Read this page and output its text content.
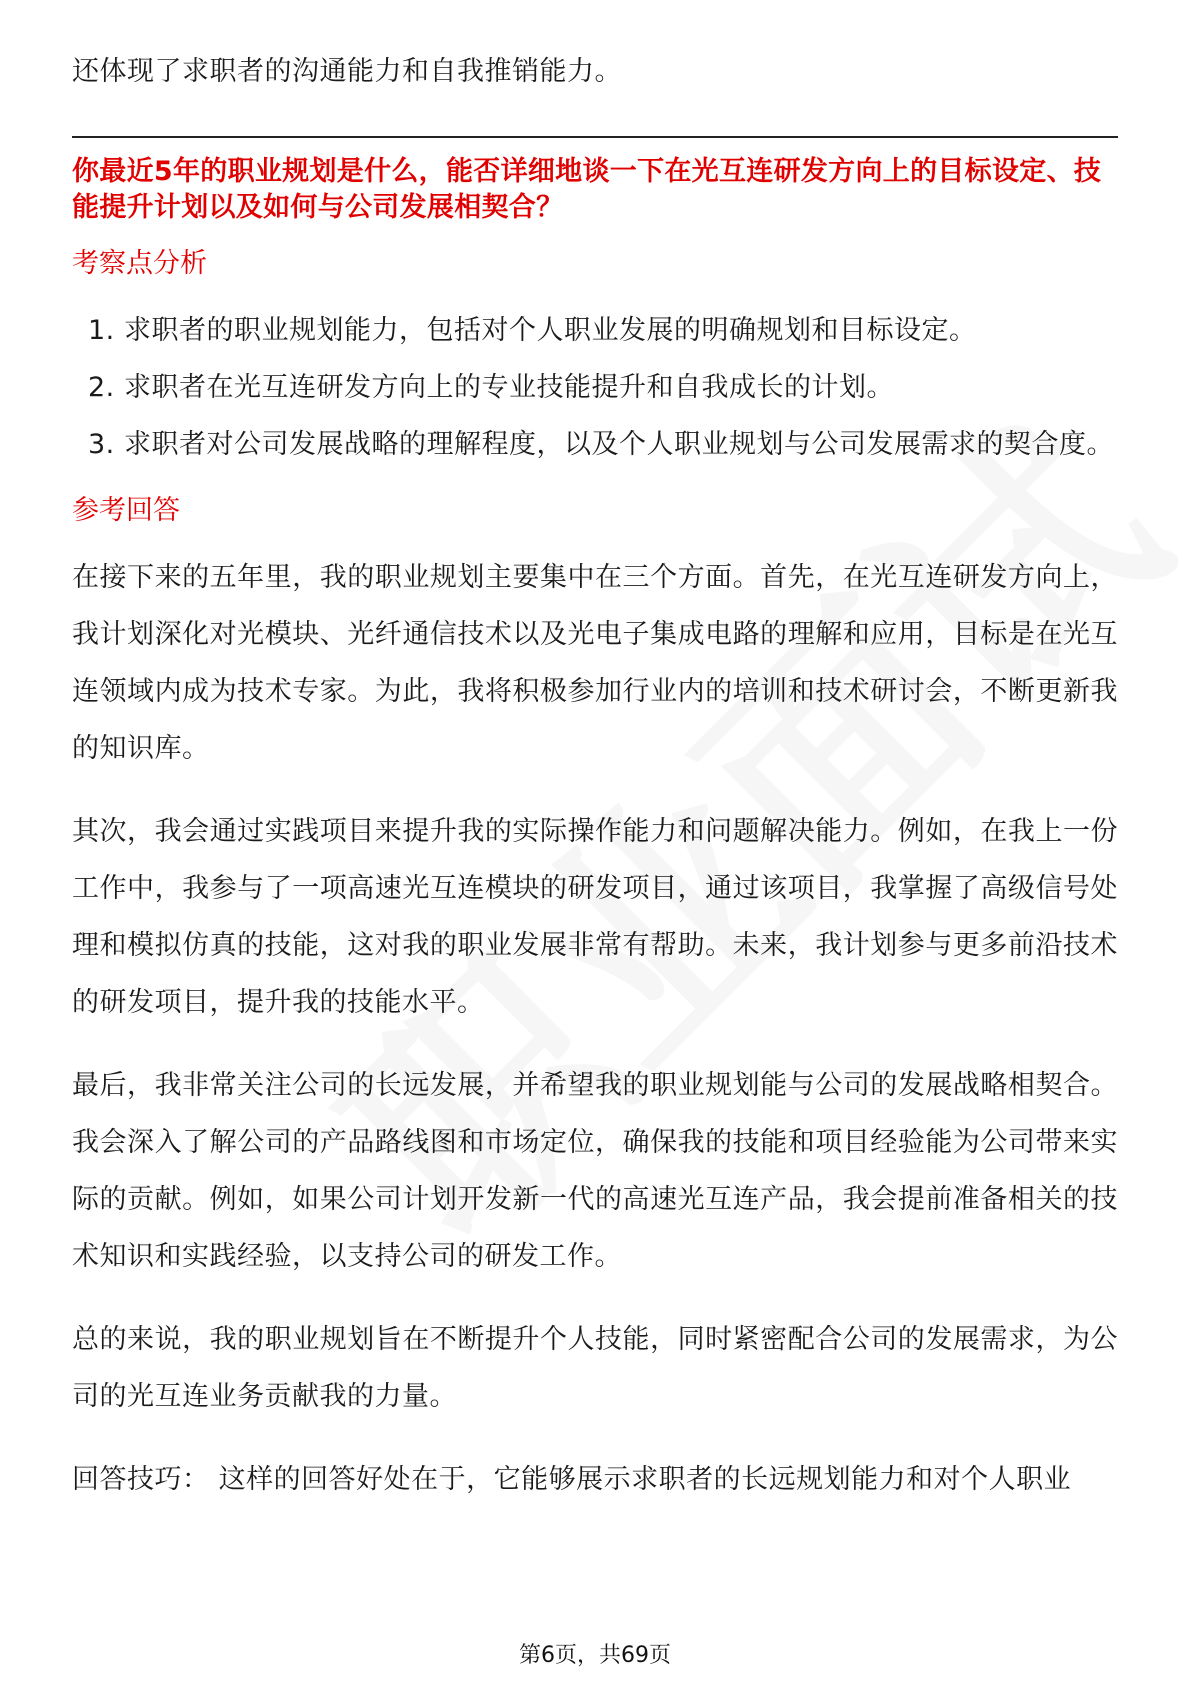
还体现了求职者的沟通能力和自我推销能力。

你最近5年的职业规划是什么，能否详细地谈一下在光互连研发方向上的目标设定、技能提升计划以及如何与公司发展相契合？

考察点分析

1. 求职者的职业规划能力，包括对个人职业发展的明确规划和目标设定。
2. 求职者在光互连研发方向上的专业技能提升和自我成长的计划。
3. 求职者对公司发展战略的理解程度，以及个人职业规划与公司发展需求的契合度。

参考回答

在接下来的五年里，我的职业规划主要集中在三个方面。首先，在光互连研发方向上，我计划深化对光模块、光纤通信技术以及光电子集成电路的理解和应用，目标是在光互连领域内成为技术专家。为此，我将积极参加行业内的培训和技术研讨会，不断更新我的知识库。

其次，我会通过实践项目来提升我的实际操作能力和问题解决能力。例如，在我上一份工作中，我参与了一项高速光互连模块的研发项目，通过该项目，我掌握了高级信号处理和模拟仿真的技能，这对我的职业发展非常有帮助。未来，我计划参与更多前沿技术的研发项目，提升我的技能水平。

最后，我非常关注公司的长远发展，并希望我的职业规划能与公司的发展战略相契合。我会深入了解公司的产品路线图和市场定位，确保我的技能和项目经验能为公司带来实际的贡献。例如，如果公司计划开发新一代的高速光互连产品，我会提前准备相关的技术知识和实践经验，以支持公司的研发工作。

总的来说，我的职业规划旨在不断提升个人技能，同时紧密配合公司的发展需求，为公司的光互连业务贡献我的力量。

回答技巧： 这样的回答好处在于，它能够展示求职者的长远规划能力和对个人职业

第6页，共69页
